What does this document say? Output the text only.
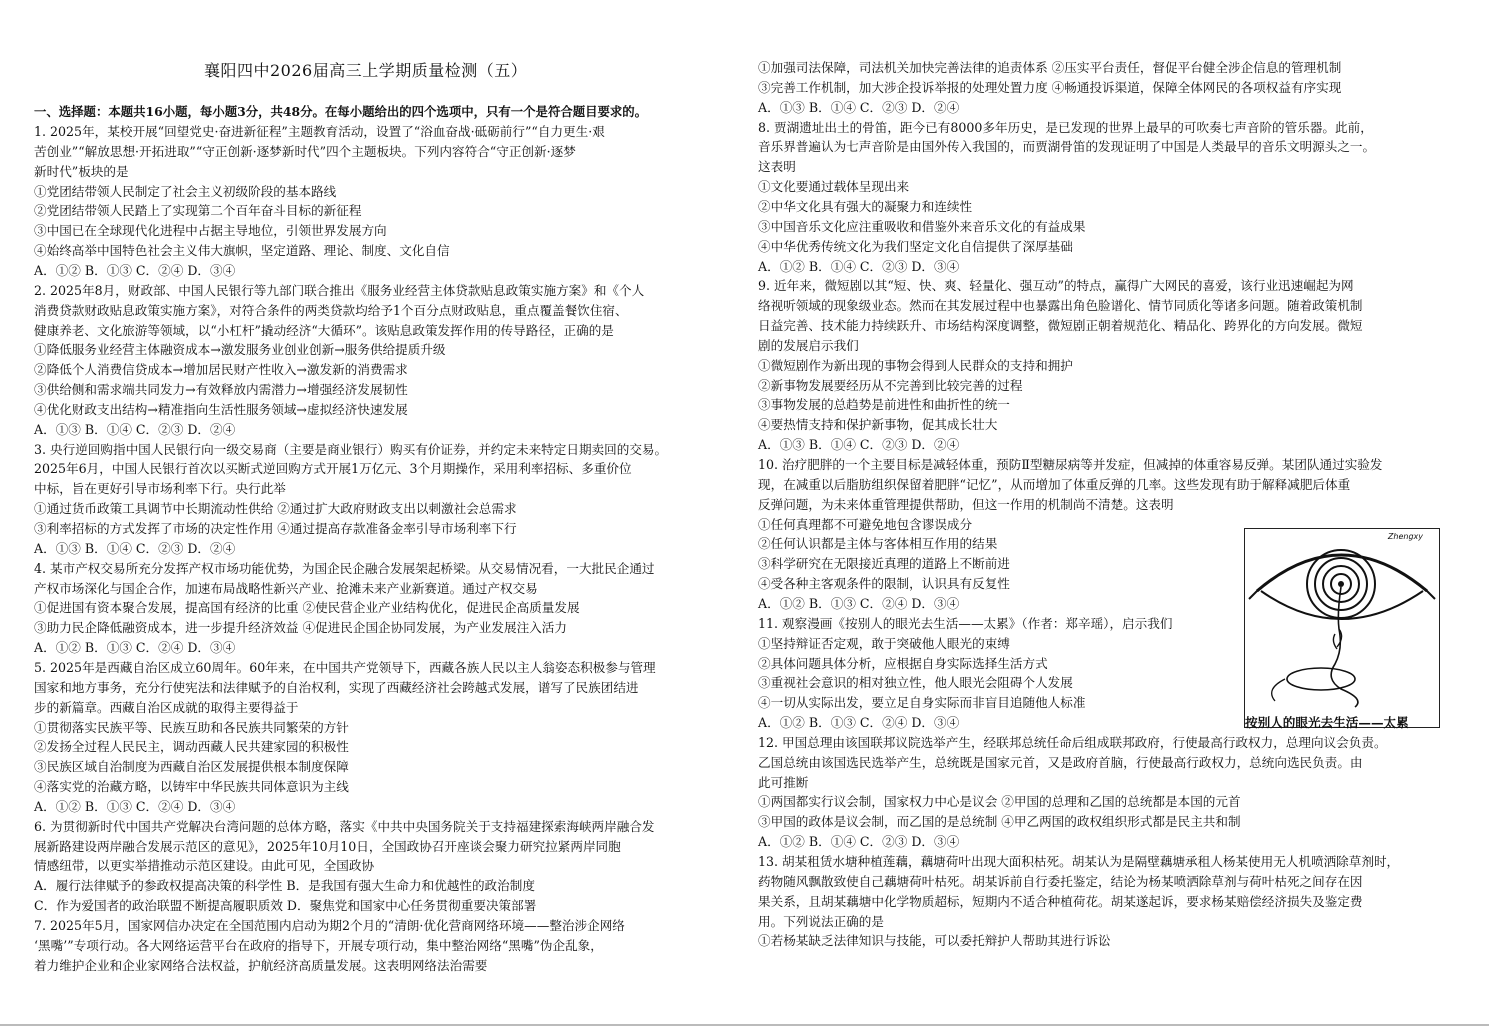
襄阳四中2026届高三上学期质量检测（五）
一、选择题：本题共16小题，每小题3分，共48分。在每小题给出的四个选项中，只有一个是符合题目要求的。
1. 2025年，某校开展“回望党史·奋进新征程”主题教育活动，设置了“浴血奋战·砥砺前行”“自力更生·艰
苦创业”“解放思想·开拓进取”“守正创新·逐梦新时代”四个主题板块。下列内容符合“守正创新·逐梦
新时代”板块的是
①党团结带领人民制定了社会主义初级阶段的基本路线
②党团结带领人民踏上了实现第二个百年奋斗目标的新征程
③中国已在全球现代化进程中占据主导地位，引领世界发展方向
④始终高举中国特色社会主义伟大旗帜，坚定道路、理论、制度、文化自信
A．①② B．①③ C．②④ D．③④
2. 2025年8月，财政部、中国人民银行等九部门联合推出《服务业经营主体贷款贴息政策实施方案》和《个人
消费贷款财政贴息政策实施方案》，对符合条件的两类贷款均给予1个百分点财政贴息，重点覆盖餐饮住宿、
健康养老、文化旅游等领域，以“小杠杆”撬动经济“大循环”。该贴息政策发挥作用的传导路径，正确的是
①降低服务业经营主体融资成本→激发服务业创业创新→服务供给提质升级
②降低个人消费信贷成本→增加居民财产性收入→激发新的消费需求
③供给侧和需求端共同发力→有效释放内需潜力→增强经济发展韧性
④优化财政支出结构→精准指向生活性服务领域→虚拟经济快速发展
A．①③ B．①④ C．②③ D．②④
3. 央行逆回购指中国人民银行向一级交易商（主要是商业银行）购买有价证券，并约定未来特定日期卖回的交易。
2025年6月，中国人民银行首次以买断式逆回购方式开展1万亿元、3个月期操作，采用利率招标、多重价位
中标，旨在更好引导市场利率下行。央行此举
①通过货币政策工具调节中长期流动性供给 ②通过扩大政府财政支出以刺激社会总需求
③利率招标的方式发挥了市场的决定性作用 ④通过提高存款准备金率引导市场利率下行
A．①③ B．①④ C．②③ D．②④
4. 某市产权交易所充分发挥产权市场功能优势，为国企民企融合发展架起桥梁。从交易情况看，一大批民企通过
产权市场深化与国企合作，加速布局战略性新兴产业、抢滩未来产业新赛道。通过产权交易
①促进国有资本聚合发展，提高国有经济的比重 ②使民营企业产业结构优化，促进民企高质量发展
③助力民企降低融资成本，进一步提升经济效益 ④促进民企国企协同发展，为产业发展注入活力
A．①② B．①③ C．②④ D．③④
5. 2025年是西藏自治区成立60周年。60年来，在中国共产党领导下，西藏各族人民以主人翁姿态积极参与管理
国家和地方事务，充分行使宪法和法律赋予的自治权利，实现了西藏经济社会跨越式发展，谱写了民族团结进
步的新篇章。西藏自治区成就的取得主要得益于
①贯彻落实民族平等、民族互助和各民族共同繁荣的方针
②发扬全过程人民民主，调动西藏人民共建家园的积极性
③民族区域自治制度为西藏自治区发展提供根本制度保障
④落实党的治藏方略，以铸牢中华民族共同体意识为主线
A．①② B．①③ C．②④ D．③④
6. 为贯彻新时代中国共产党解决台湾问题的总体方略，落实《中共中央国务院关于支持福建探索海峡两岸融合发
展新路建设两岸融合发展示范区的意见》，2025年10月10日，全国政协召开座谈会聚力研究拉紧两岸同胞
情感纽带，以更实举措推动示范区建设。由此可见，全国政协
A．履行法律赋予的参政权提高决策的科学性 B．是我国有强大生命力和优越性的政治制度
C．作为爱国者的政治联盟不断提高履职质效 D．聚焦党和国家中心任务贯彻重要决策部署
7. 2025年5月，国家网信办决定在全国范围内启动为期2个月的“清朗·优化营商网络环境——整治涉企网络
‘黑嘴’”专项行动。各大网络运营平台在政府的指导下，开展专项行动，集中整治网络“黑嘴”伪企乱象，
着力维护企业和企业家网络合法权益，护航经济高质量发展。这表明网络法治需要
①加强司法保障，司法机关加快完善法律的追责体系 ②压实平台责任，督促平台健全涉企信息的管理机制
③完善工作机制，加大涉企投诉举报的处理处置力度 ④畅通投诉渠道，保障全体网民的各项权益有序实现
A．①③ B．①④ C．②③ D．②④
8. 贾湖遗址出土的骨笛，距今已有8000多年历史，是已发现的世界上最早的可吹奏七声音阶的管乐器。此前，
音乐界普遍认为七声音阶是由国外传入我国的，而贾湖骨笛的发现证明了中国是人类最早的音乐文明源头之一。
这表明
①文化要通过载体呈现出来
②中华文化具有强大的凝聚力和连续性
③中国音乐文化应注重吸收和借鉴外来音乐文化的有益成果
④中华优秀传统文化为我们坚定文化自信提供了深厚基础
A．①② B．①④ C．②③ D．③④
9. 近年来，微短剧以其“短、快、爽、轻量化、强互动”的特点，赢得广大网民的喜爱，该行业迅速崛起为网
络视听领域的现象级业态。然而在其发展过程中也暴露出角色脸谱化、情节同质化等诸多问题。随着政策机制
日益完善、技术能力持续跃升、市场结构深度调整，微短剧正朝着规范化、精品化、跨界化的方向发展。微短
剧的发展启示我们
①微短剧作为新出现的事物会得到人民群众的支持和拥护
②新事物发展要经历从不完善到比较完善的过程
③事物发展的总趋势是前进性和曲折性的统一
④要热情支持和保护新事物，促其成长壮大
A．①③ B．①④ C．②③ D．②④
10. 治疗肥胖的一个主要目标是减轻体重，预防Ⅱ型糖尿病等并发症，但减掉的体重容易反弹。某团队通过实验发
现，在减重以后脂肪组织保留着肥胖“记忆”，从而增加了体重反弹的几率。这些发现有助于解释减肥后体重
反弹问题，为未来体重管理提供帮助，但这一作用的机制尚不清楚。这表明
①任何真理都不可避免地包含谬误成分
②任何认识都是主体与客体相互作用的结果
③科学研究在无限接近真理的道路上不断前进
④受各种主客观条件的限制，认识具有反复性
A．①② B．①③ C．②④ D．③④
11. 观察漫画《按别人的眼光去生活——太累》（作者：郑辛瑶），启示我们
①坚持辩证否定观，敢于突破他人眼光的束缚
②具体问题具体分析，应根据自身实际选择生活方式
③重视社会意识的相对独立性，他人眼光会阻碍个人发展
④一切从实际出发，要立足自身实际而非盲目追随他人标准
A．①② B．①③ C．②④ D．③④
12. 甲国总理由该国联邦议院选举产生，经联邦总统任命后组成联邦政府，行使最高行政权力，总理向议会负责。
乙国总统由该国选民选举产生，总统既是国家元首，又是政府首脑，行使最高行政权力，总统向选民负责。由
此可推断
①两国都实行议会制，国家权力中心是议会 ②甲国的总理和乙国的总统都是本国的元首
③甲国的政体是议会制，而乙国的是总统制 ④甲乙两国的政权组织形式都是民主共和制
A．①② B．①④ C．②③ D．③④
13. 胡某租赁水塘种植莲藕，藕塘荷叶出现大面积枯死。胡某认为是隔壁藕塘承租人杨某使用无人机喷洒除草剂时，
药物随风飘散致使自己藕塘荷叶枯死。胡某诉前自行委托鉴定，结论为杨某喷洒除草剂与荷叶枯死之间存在因
果关系，且胡某藕塘中化学物质超标，短期内不适合种植荷花。胡某遂起诉，要求杨某赔偿经济损失及鉴定费
用。下列说法正确的是
①若杨某缺乏法律知识与技能，可以委托辩护人帮助其进行诉讼
Zhengxy
按别人的眼光去生活——太累
